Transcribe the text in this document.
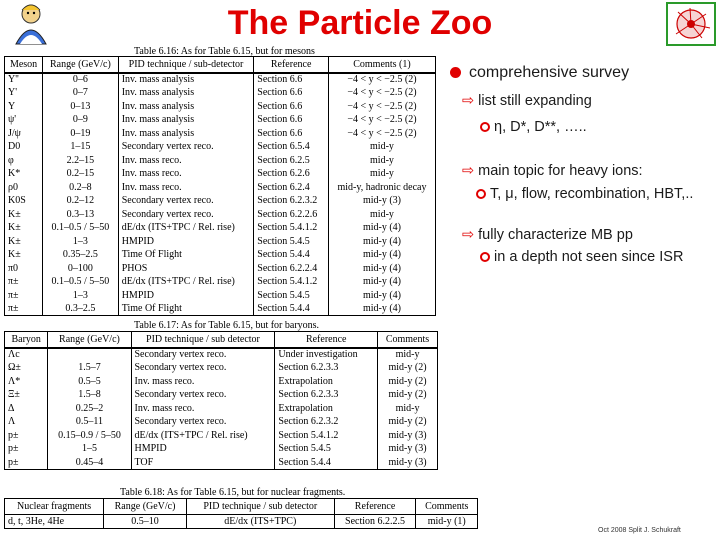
The Particle Zoo
Table 6.16: As for Table 6.15, but for mesons
Meson	Range (GeV/c)	PID technique / sub-detector	Reference	Comments (1)
Υ''	0–6	Inv. mass analysis	Section 6.6	−4 < y < −2.5 (2)
Υ'	0–7	Inv. mass analysis	Section 6.6	−4 < y < −2.5 (2)
Υ	0–13	Inv. mass analysis	Section 6.6	−4 < y < −2.5 (2)
ψ'	0–9	Inv. mass analysis	Section 6.6	−4 < y < −2.5 (2)
J/ψ	0–19	Inv. mass analysis	Section 6.6	−4 < y < −2.5 (2)
D0	1–15	Secondary vertex reco.	Section 6.5.4	mid-y
φ	2.2–15	Inv. mass reco.	Section 6.2.5	mid-y
K*	0.2–15	Inv. mass reco.	Section 6.2.6	mid-y
ρ0	0.2–8	Inv. mass reco.	Section 6.2.4	mid-y, hadronic decay
K0S	0.2–12	Secondary vertex reco.	Section 6.2.3.2	mid-y (3)
K±	0.3–13	Secondary vertex reco.	Section 6.2.2.6	mid-y
K±	0.1–0.5 / 5–50	dE/dx (ITS+TPC / Rel. rise)	Section 5.4.1.2	mid-y (4)
K±	1–3	HMPID	Section 5.4.5	mid-y (4)
K±	0.35–2.5	Time Of Flight	Section 5.4.4	mid-y (4)
π0	0–100	PHOS	Section 6.2.2.4	mid-y (4)
π±	0.1–0.5 / 5–50	dE/dx (ITS+TPC / Rel. rise)	Section 5.4.1.2	mid-y (4)
π±	1–3	HMPID	Section 5.4.5	mid-y (4)
π±	0.3–2.5	Time Of Flight	Section 5.4.4	mid-y (4)
Table 6.17: As for Table 6.15, but for baryons.
Baryon	Range (GeV/c)	PID technique / sub detector	Reference	Comments
Λc		Secondary vertex reco.	Under investigation	mid-y
Ω±	1.5–7	Secondary vertex reco.	Section 6.2.3.3	mid-y (2)
Λ*	0.5–5	Inv. mass reco.	Extrapolation	mid-y (2)
Ξ±	1.5–8	Secondary vertex reco.	Section 6.2.3.3	mid-y (2)
Δ	0.25–2	Inv. mass reco.	Extrapolation	mid-y
Λ	0.5–11	Secondary vertex reco.	Section 6.2.3.2	mid-y (2)
p±	0.15–0.9 / 5–50	dE/dx (ITS+TPC / Rel. rise)	Section 5.4.1.2	mid-y (3)
p±	1–5	HMPID	Section 5.4.5	mid-y (3)
p±	0.45–4	TOF	Section 5.4.4	mid-y (3)
Table 6.18: As for Table 6.15, but for nuclear fragments.
Nuclear fragments	Range (GeV/c)	PID technique / sub detector	Reference	Comments
d, t, 3He, 4He	0.5–10	dE/dx (ITS+TPC)	Section 6.2.2.5	mid-y (1)
comprehensive survey
⇨ list still expanding
η, D*, D**, …..
⇨ main topic for heavy ions:
T, μ, flow, recombination, HBT,..
⇨ fully characterize MB pp
in a depth not seen since ISR
Oct 2008 Split J. Schukraft
